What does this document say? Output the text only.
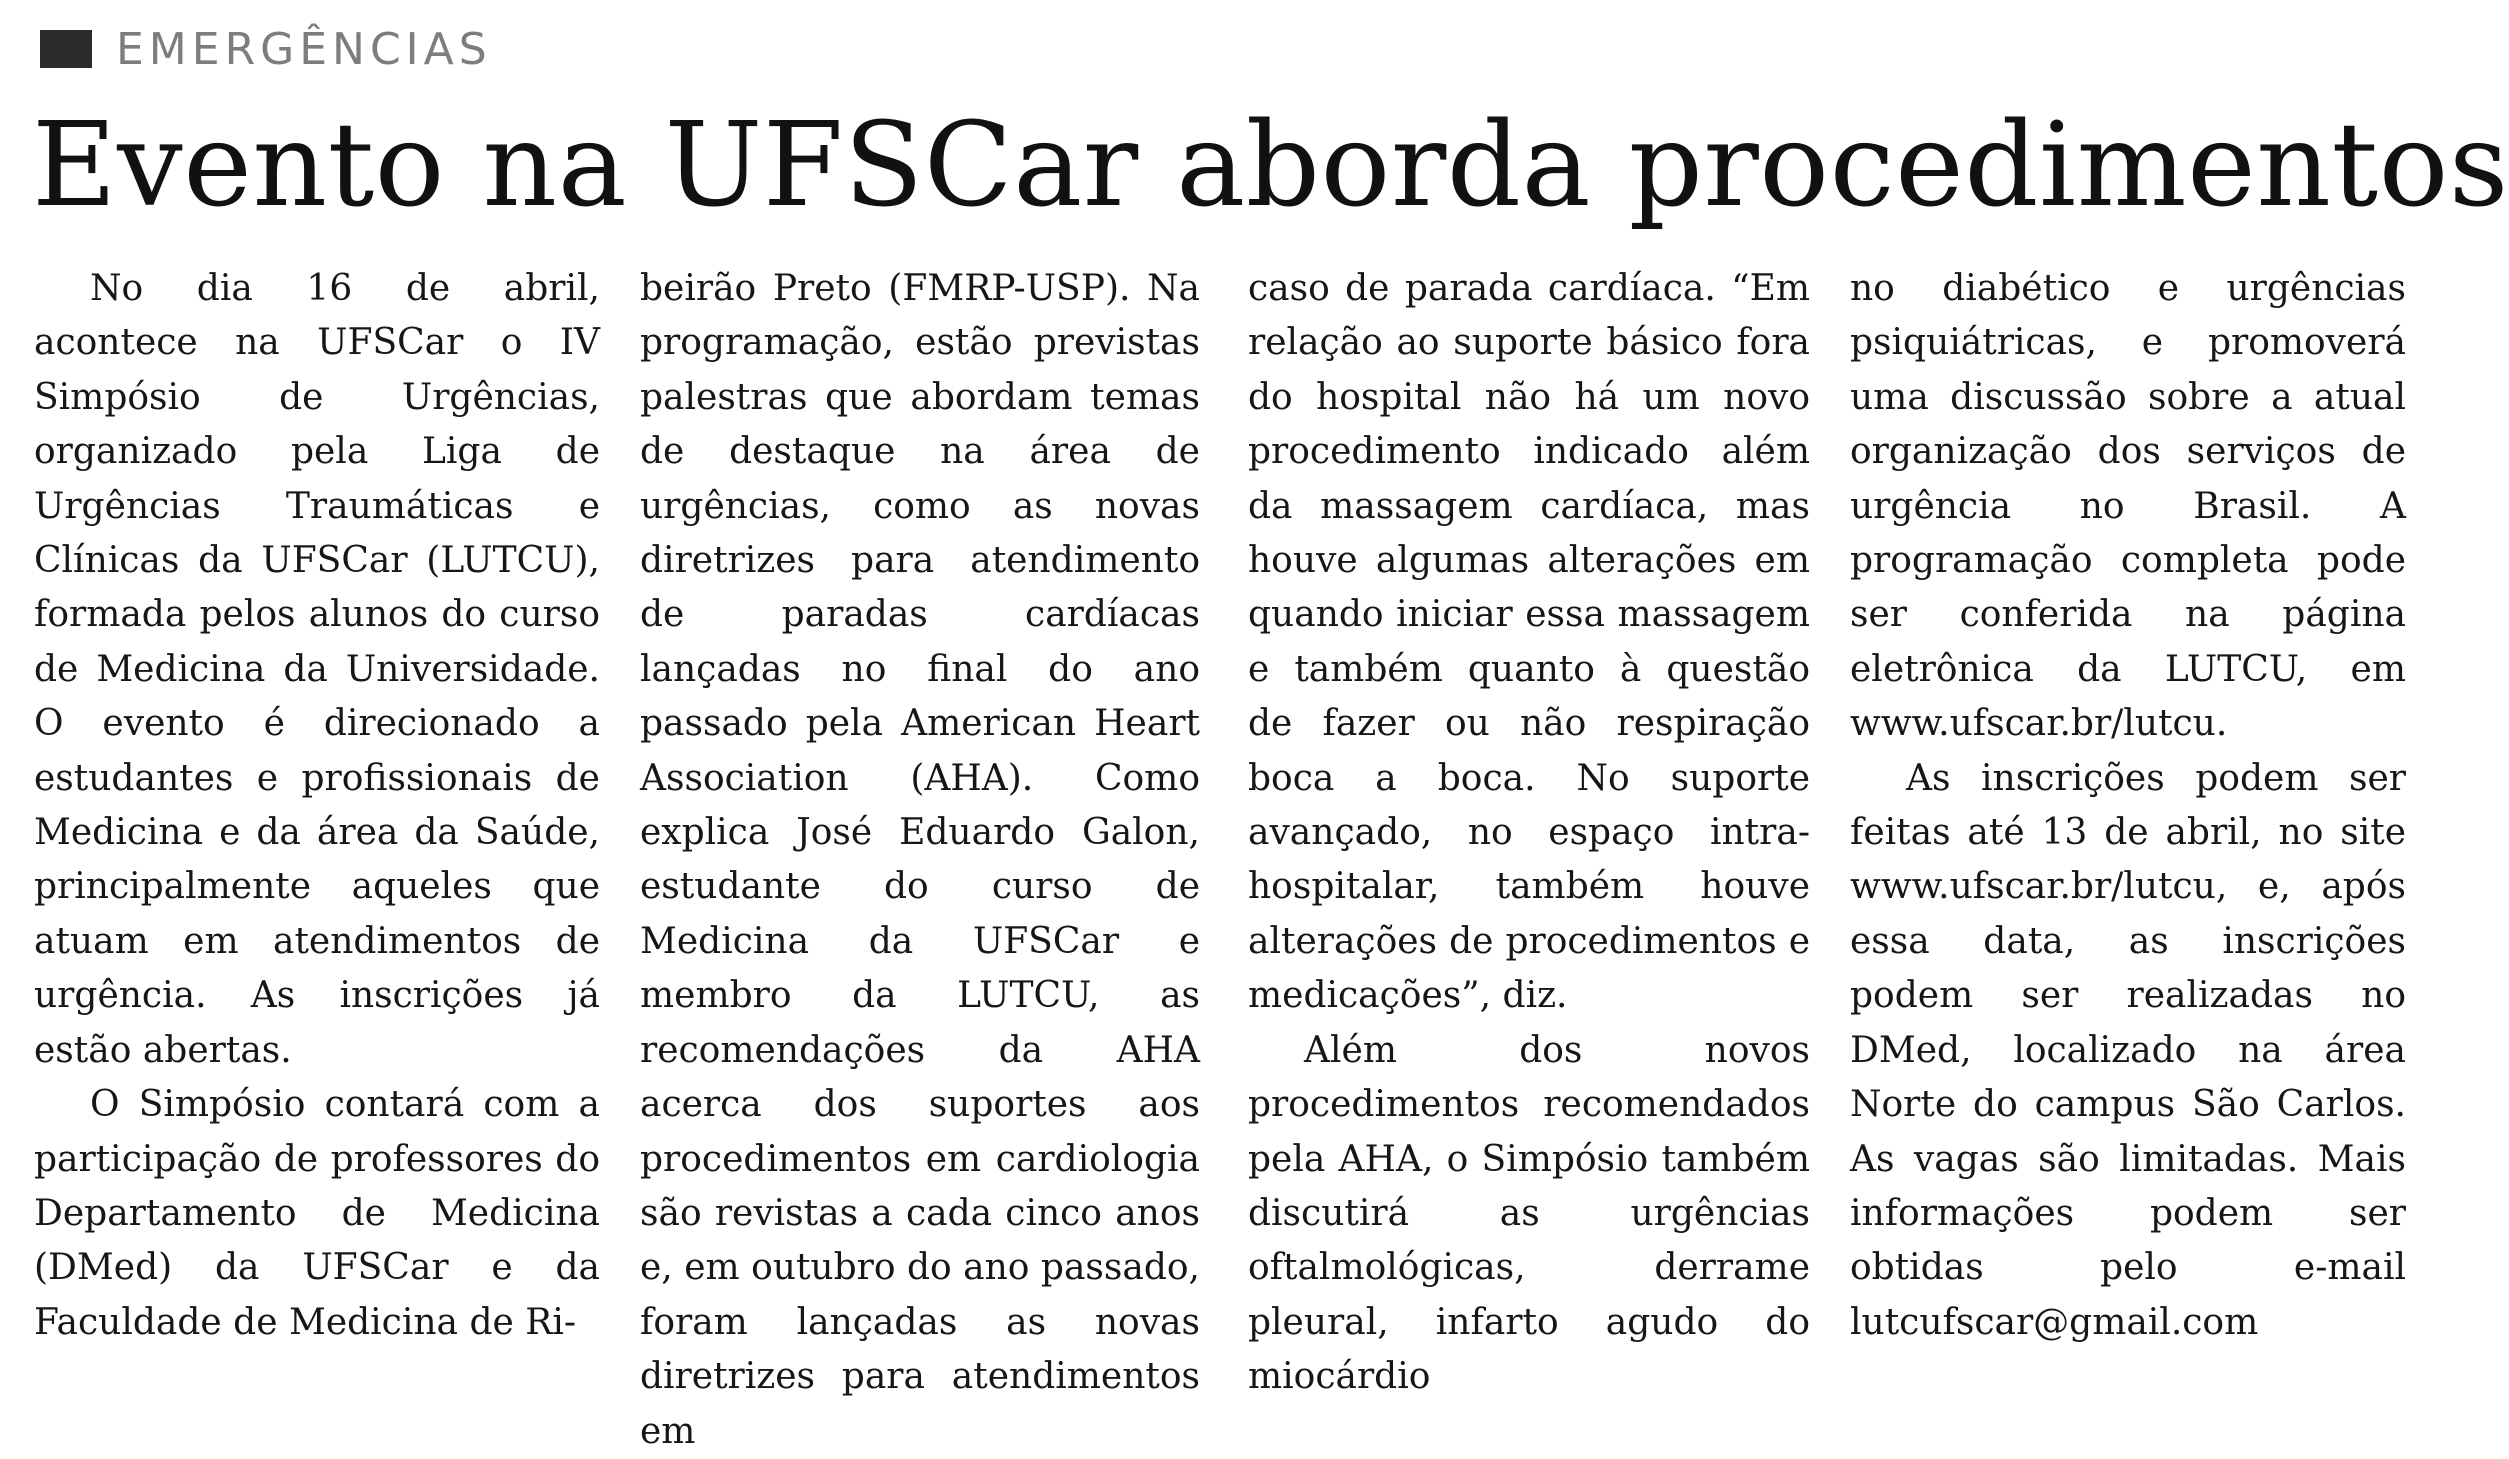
EMERGÊNCIAS
Evento na UFSCar aborda procedimentos

No dia 16 de abril, acontece na UFSCar o IV Simpósio de Urgências, organizado pela Liga de Urgências Traumáticas e Clínicas da UFSCar (LUTCU), formada pelos alunos do curso de Medicina da Universidade. O evento é direcionado a estudantes e profissionais de Medicina e da área da Saúde, principalmente aqueles que atuam em atendimentos de urgência. As inscrições já estão abertas.

O Simpósio contará com a participação de professores do Departamento de Medicina (DMed) da UFSCar e da Faculdade de Medicina de Ri-

beirão Preto (FMRP-USP). Na programação, estão previstas palestras que abordam temas de destaque na área de urgências, como as novas diretrizes para atendimento de paradas cardíacas lançadas no final do ano passado pela American Heart Association (AHA). Como explica José Eduardo Galon, estudante do curso de Medicina da UFSCar e membro da LUTCU, as recomendações da AHA acerca dos suportes aos procedimentos em cardiologia são revistas a cada cinco anos e, em outubro do ano passado, foram lançadas as novas diretrizes para atendimentos em

caso de parada cardíaca. “Em relação ao suporte básico fora do hospital não há um novo procedimento indicado além da massagem cardíaca, mas houve algumas alterações em quando iniciar essa massagem e também quanto à questão de fazer ou não respiração boca a boca. No suporte avançado, no espaço intra-hospitalar, também houve alterações de procedimentos e medicações”, diz.

Além dos novos procedimentos recomendados pela AHA, o Simpósio também discutirá as urgências oftalmológicas, derrame pleural, infarto agudo do miocárdio

no diabético e urgências psiquiátricas, e promoverá uma discussão sobre a atual organização dos serviços de urgência no Brasil. A programação completa pode ser conferida na página eletrônica da LUTCU, em www.ufscar.br/lutcu.

As inscrições podem ser feitas até 13 de abril, no site www.ufscar.br/lutcu, e, após essa data, as inscrições podem ser realizadas no DMed, localizado na área Norte do campus São Carlos. As vagas são limitadas. Mais informações podem ser obtidas pelo e-mail lutcufscar@gmail.com
